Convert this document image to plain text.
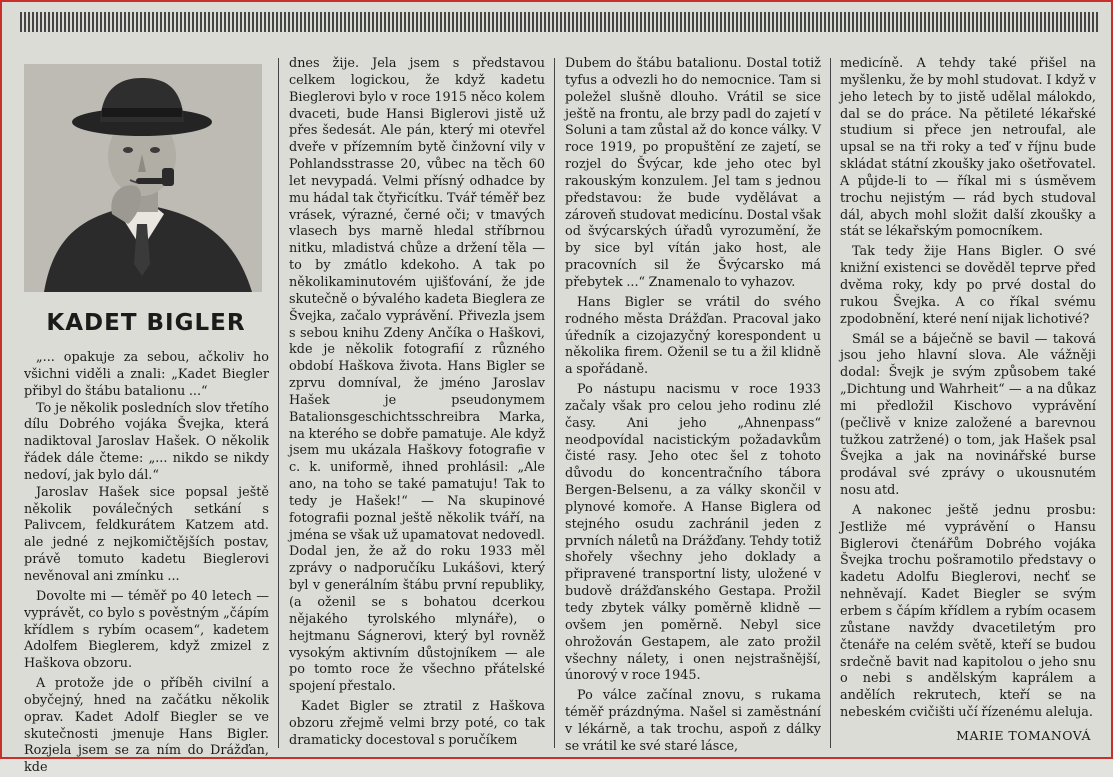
KADET BIGLER

„... opakuje za sebou, ačkoliv ho všichni viděli a znali: „Kadet Biegler přibyl do štábu batalionu ...“

To je několik posledních slov třetího dílu Dobrého vojáka Švejka, která nadiktoval Jaroslav Hašek. O několik řádek dále čteme: „... nikdo se nikdy nedoví, jak bylo dál.“

Jaroslav Hašek sice popsal ještě několik poválečných setkání s Palivcem, feldkurátem Katzem atd. ale jedné z nejkomičtějších postav, právě tomuto kadetu Bieglerovi nevěnoval ani zmínku ...

Dovolte mi — téměř po 40 letech — vyprávět, co bylo s pověstným „čápím křídlem s rybím ocasem“, kadetem Adolfem Bieglerem, když zmizel z Haškova obzoru.

A protože jde o příběh civilní a obyčejný, hned na začátku několik oprav. Kadet Adolf Biegler se ve skutečnosti jmenuje Hans Bigler. Rozjela jsem se za ním do Drážďan, kde

dnes žije. Jela jsem s představou celkem logickou, že když kadetu Bieglerovi bylo v roce 1915 něco kolem dvaceti, bude Hansi Biglerovi jistě už přes šedesát. Ale pán, který mi otevřel dveře v přízemním bytě činžovní vily v Pohlandsstrasse 20, vůbec na těch 60 let nevypadá. Velmi přísný odhadce by mu hádal tak čtyřicítku. Tvář téměř bez vrásek, výrazné, černé oči; v tmavých vlasech bys marně hledal stříbrnou nitku, mladistvá chůze a držení těla — to by zmátlo kdekoho. A tak po několikaminutovém ujišťování, že jde skutečně o bývalého kadeta Bieglera ze Švejka, začalo vyprávění. Přivezla jsem s sebou knihu Zdeny Ančíka o Haškovi, kde je několik fotografií z různého období Haškova života. Hans Bigler se zprvu domníval, že jméno Jaroslav Hašek je pseudonymem Batalionsgeschichtsschreibra Marka, na kterého se dobře pamatuje. Ale když jsem mu ukázala Haškovy fotografie v c. k. uniformě, ihned prohlásil: „Ale ano, na toho se také pamatuju! Tak to tedy je Hašek!“ — Na skupinové fotografii poznal ještě několik tváří, na jména se však už upamatovat nedovedl. Dodal jen, že až do roku 1933 měl zprávy o nadporučíku Lukášovi, který byl v generálním štábu první republiky, (a oženil se s bohatou dcerkou nějakého tyrolského mlynáře), o hejtmanu Ságnerovi, který byl rovněž vysokým aktivním důstojníkem — ale po tomto roce že všechno přátelské spojení přestalo.

Kadet Bigler se ztratil z Haškova obzoru zřejmě velmi brzy poté, co tak dramaticky docestoval s poručíkem

Dubem do štábu batalionu. Dostal totiž tyfus a odvezli ho do nemocnice. Tam si poležel slušně dlouho. Vrátil se sice ještě na frontu, ale brzy padl do zajetí v Soluni a tam zůstal až do konce války. V roce 1919, po propuštění ze zajetí, se rozjel do Švýcar, kde jeho otec byl rakouským konzulem. Jel tam s jednou představou: že bude vydělávat a zároveň studovat medicínu. Dostal však od švýcarských úřadů vyrozumění, že by sice byl vítán jako host, ale pracovních sil že Švýcarsko má přebytek ...“ Znamenalo to vyhazov.

Hans Bigler se vrátil do svého rodného města Drážďan. Pracoval jako úředník a cizojazyčný korespondent u několika firem. Oženil se tu a žil klidně a spořádaně.

Po nástupu nacismu v roce 1933 začaly však pro celou jeho rodinu zlé časy. Ani jeho „Ahnenpass“ neodpovídal nacistickým požadavkům čisté rasy. Jeho otec šel z tohoto důvodu do koncentračního tábora Bergen-Belsenu, a za války skončil v plynové komoře. A Hanse Biglera od stejného osudu zachránil jeden z prvních náletů na Drážďany. Tehdy totiž shořely všechny jeho doklady a připravené transportní listy, uložené v budově drážďanského Gestapa. Prožil tedy zbytek války poměrně klidně — ovšem jen poměrně. Nebyl sice ohrožován Gestapem, ale zato prožil všechny nálety, i onen nejstrašnější, únorový v roce 1945.

Po válce začínal znovu, s rukama téměř prázdnýma. Našel si zaměstnání v lékárně, a tak trochu, aspoň z dálky se vrátil ke své staré lásce,

medicíně. A tehdy také přišel na myšlenku, že by mohl studovat. I když v jeho letech by to jistě udělal málokdo, dal se do práce. Na pětileté lékařské studium si přece jen netroufal, ale upsal se na tři roky a teď v říjnu bude skládat státní zkoušky jako ošetřovatel. A půjde-li to — říkal mi s úsměvem trochu nejistým — rád bych studoval dál, abych mohl složit další zkoušky a stát se lékařským pomocníkem.

Tak tedy žije Hans Bigler. O své knižní existenci se dověděl teprve před dvěma roky, kdy po prvé dostal do rukou Švejka. A co říkal svému zpodobnění, které není nijak lichotivé?

Smál se a báječně se bavil — taková jsou jeho hlavní slova. Ale vážněji dodal: Švejk je svým způsobem také „Dichtung und Wahrheit“ — a na důkaz mi předložil Kischovo vyprávění (pečlivě v knize založené a barevnou tužkou zatržené) o tom, jak Hašek psal Švejka a jak na novinářské burse prodával své zprávy o ukousnutém nosu atd.

A nakonec ještě jednu prosbu: Jestliže mé vyprávění o Hansu Biglerovi čtenářům Dobrého vojáka Švejka trochu pošramotilo představy o kadetu Adolfu Bieglerovi, nechť se nehněvají. Kadet Biegler se svým erbem s čápím křídlem a rybím ocasem zůstane navždy dvacetiletým pro čtenáře na celém světě, kteří se budou srdečně bavit nad kapitolou o jeho snu o nebi s andělským kaprálem a andělích rekrutech, kteří se na nebeském cvičišti učí řízenému aleluja.

MARIE TOMANOVÁ
